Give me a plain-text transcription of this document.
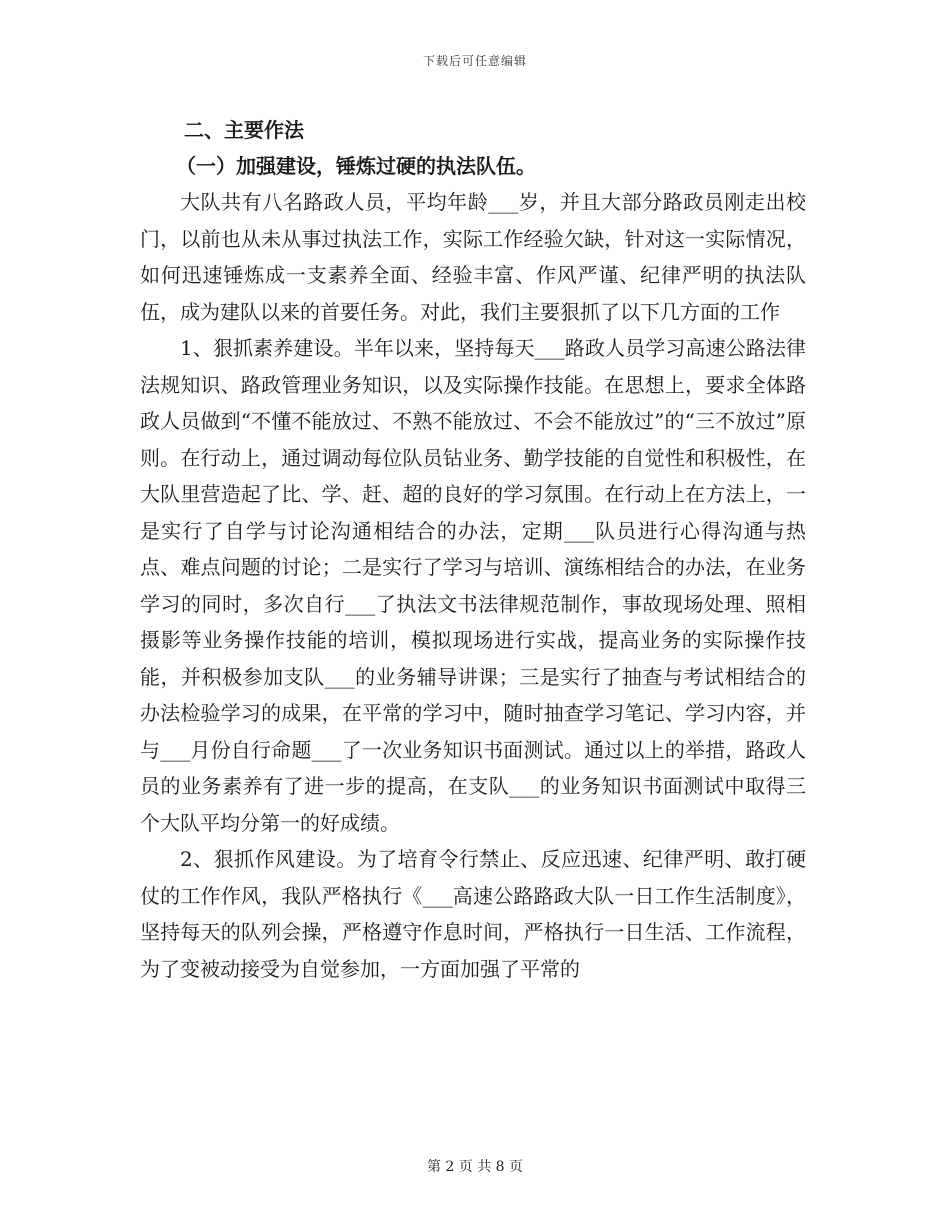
下载后可任意编辑
二、主要作法
（一）加强建设，锤炼过硬的执法队伍。

大队共有八名路政人员，平均年龄___岁，并且大部分路政员刚走出校门，以前也从未从事过执法工作，实际工作经验欠缺，针对这一实际情况，如何迅速锤炼成一支素养全面、经验丰富、作风严谨、纪律严明的执法队伍，成为建队以来的首要任务。对此，我们主要狠抓了以下几方面的工作

1、狠抓素养建设。半年以来，坚持每天___路政人员学习高速公路法律法规知识、路政管理业务知识，以及实际操作技能。在思想上，要求全体路政人员做到“不懂不能放过、不熟不能放过、不会不能放过”的“三不放过”原则。在行动上，通过调动每位队员钻业务、勤学技能的自觉性和积极性，在大队里营造起了比、学、赶、超的良好的学习氛围。在行动上在方法上，一是实行了自学与讨论沟通相结合的办法，定期___队员进行心得沟通与热点、难点问题的讨论；二是实行了学习与培训、演练相结合的办法，在业务学习的同时，多次自行___了执法文书法律规范制作，事故现场处理、照相摄影等业务操作技能的培训，模拟现场进行实战，提高业务的实际操作技能，并积极参加支队___的业务辅导讲课；三是实行了抽查与考试相结合的办法检验学习的成果，在平常的学习中，随时抽查学习笔记、学习内容，并与___月份自行命题___了一次业务知识书面测试。通过以上的举措，路政人员的业务素养有了进一步的提高，在支队___的业务知识书面测试中取得三个大队平均分第一的好成绩。

2、狠抓作风建设。为了培育令行禁止、反应迅速、纪律严明、敢打硬仗的工作作风，我队严格执行《___高速公路路政大队一日工作生活制度》，坚持每天的队列会操，严格遵守作息时间，严格执行一日生活、工作流程，为了变被动接受为自觉参加，一方面加强了平常的

第 2 页 共 8 页
